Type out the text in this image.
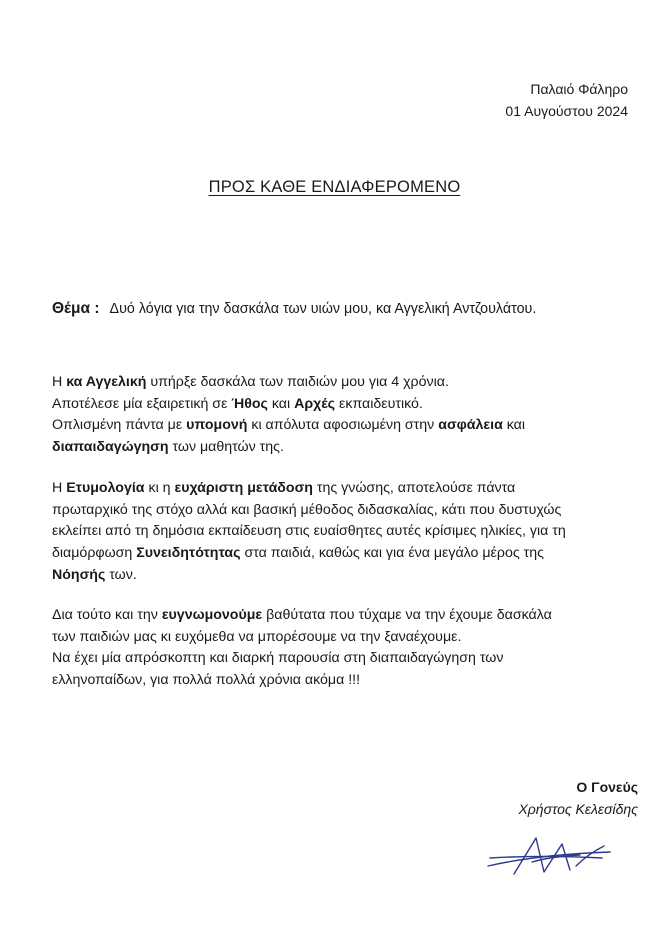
Παλαιό Φάληρο
01 Αυγούστου 2024
ΠΡΟΣ ΚΑΘΕ ΕΝΔΙΑΦΕΡΟΜΕΝΟ
Θέμα : Δυό λόγια για την δασκάλα των υιών μου, κα Αγγελική Αντζουλάτου.
Η κα Αγγελική υπήρξε δασκάλα των παιδιών μου για 4 χρόνια.
Αποτέλεσε μία εξαιρετική σε Ήθος και Αρχές εκπαιδευτικό.
Οπλισμένη πάντα με υπομονή κι απόλυτα αφοσιωμένη στην ασφάλεια και
διαπαιδαγώγηση των μαθητών της.
Η Ετυμολογία κι η ευχάριστη μετάδοση της γνώσης, αποτελούσε πάντα
πρωταρχικό της στόχο αλλά και βασική μέθοδος διδασκαλίας, κάτι που δυστυχώς
εκλείπει από τη δημόσια εκπαίδευση στις ευαίσθητες αυτές κρίσιμες ηλικίες, για τη
διαμόρφωση Συνειδητότητας στα παιδιά, καθώς και για ένα μεγάλο μέρος της
Νόησής των.
Δια τούτο και την ευγνωμονούμε βαθύτατα που τύχαμε να την έχουμε δασκάλα
των παιδιών μας κι ευχόμεθα να μπορέσουμε να την ξαναέχουμε.
Να έχει μία απρόσκοπτη και διαρκή παρουσία στη διαπαιδαγώγηση των
ελληνοπαίδων, για πολλά πολλά χρόνια ακόμα !!!
Ο Γονεύς
Χρήστος Κελεσίδης
